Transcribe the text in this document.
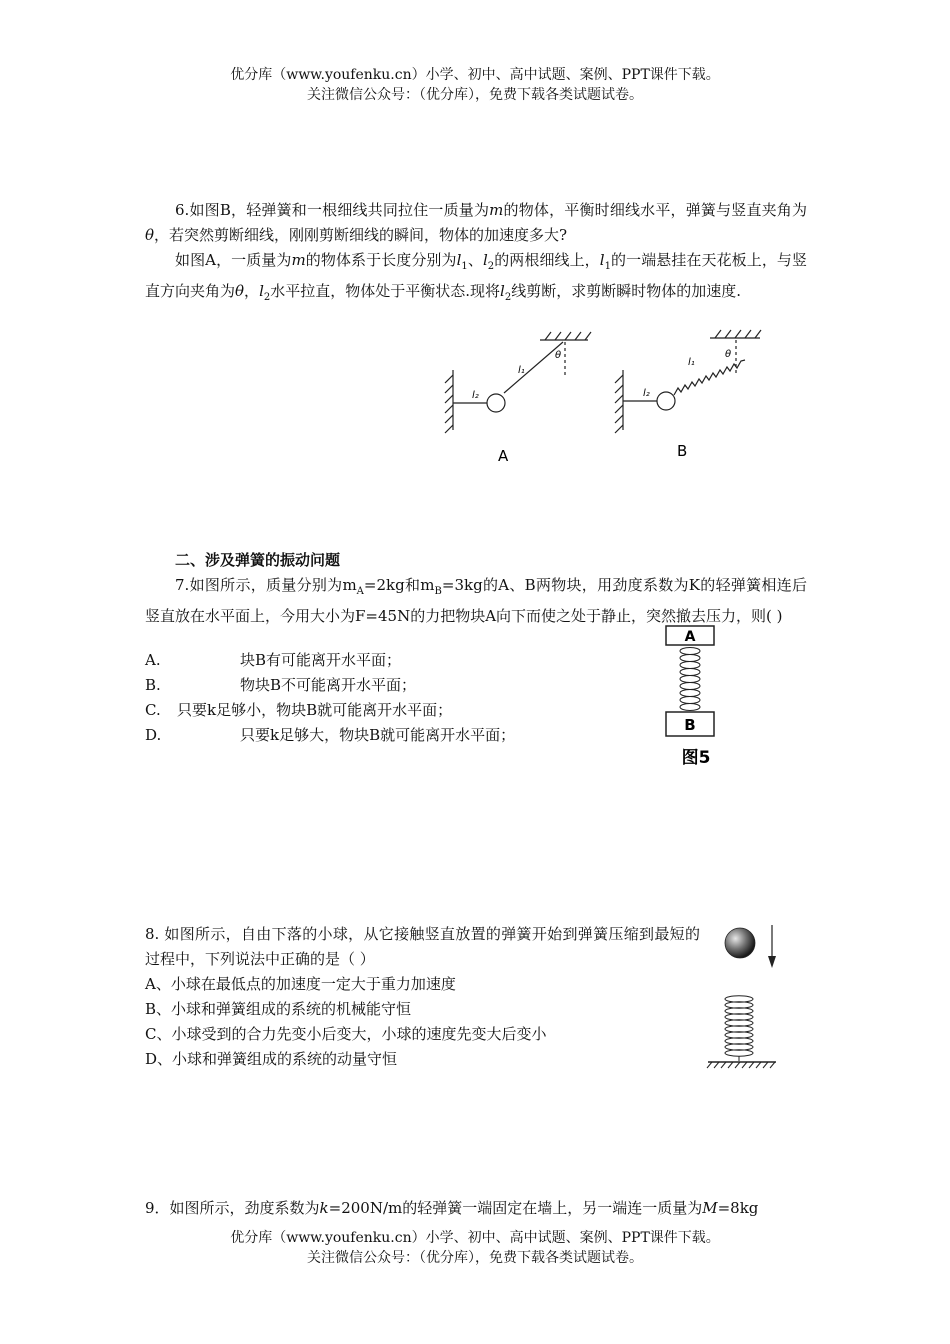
优分库（www.youfenku.cn）小学、初中、高中试题、案例、PPT课件下载。
关注微信公众号：（优分库），免费下载各类试题试卷。

6.如图B，轻弹簧和一根细线共同拉住一质量为m的物体，平衡时细线水平，弹簧与竖直夹角为θ，若突然剪断细线，刚刚剪断细线的瞬间，物体的加速度多大?

如图A，一质量为m的物体系于长度分别为$l_1$、$l_2$的两根细线上，$l_1$的一端悬挂在天花板上，与竖直方向夹角为θ，$l_2$水平拉直，物体处于平衡状态.现将$l_2$线剪断，求剪断瞬时物体的加速度.

l₂
l₁
θ
A
l₂
l₁
θ
B
二、涉及弹簧的振动问题

7.如图所示，质量分别为$m_A=2kg$和$m_B=3kg$的A、B两物块，用劲度系数为K的轻弹簧相连后竖直放在水平面上，今用大小为F=45N的力把物块A向下而使之处于静止，突然撤去压力，则( )

A.	块B有可能离开水平面；
B.	物块B不可能离开水平面；
C. 只要k足够小，物块B就可能离开水平面；
D.	只要k足够大，物块B就可能离开水平面；
A
B
图5

8. 如图所示，自由下落的小球，从它接触竖直放置的弹簧开始到弹簧压缩到最短的过程中，下列说法中正确的是（ ）

A、小球在最低点的加速度一定大于重力加速度
B、小球和弹簧组成的系统的机械能守恒
C、小球受到的合力先变小后变大，小球的速度先变大后变小
D、小球和弹簧组成的系统的动量守恒
9．如图所示，劲度系数为k=200N/m的轻弹簧一端固定在墙上，另一端连一质量为M=8kg
优分库（www.youfenku.cn）小学、初中、高中试题、案例、PPT课件下载。
关注微信公众号：（优分库），免费下载各类试题试卷。
